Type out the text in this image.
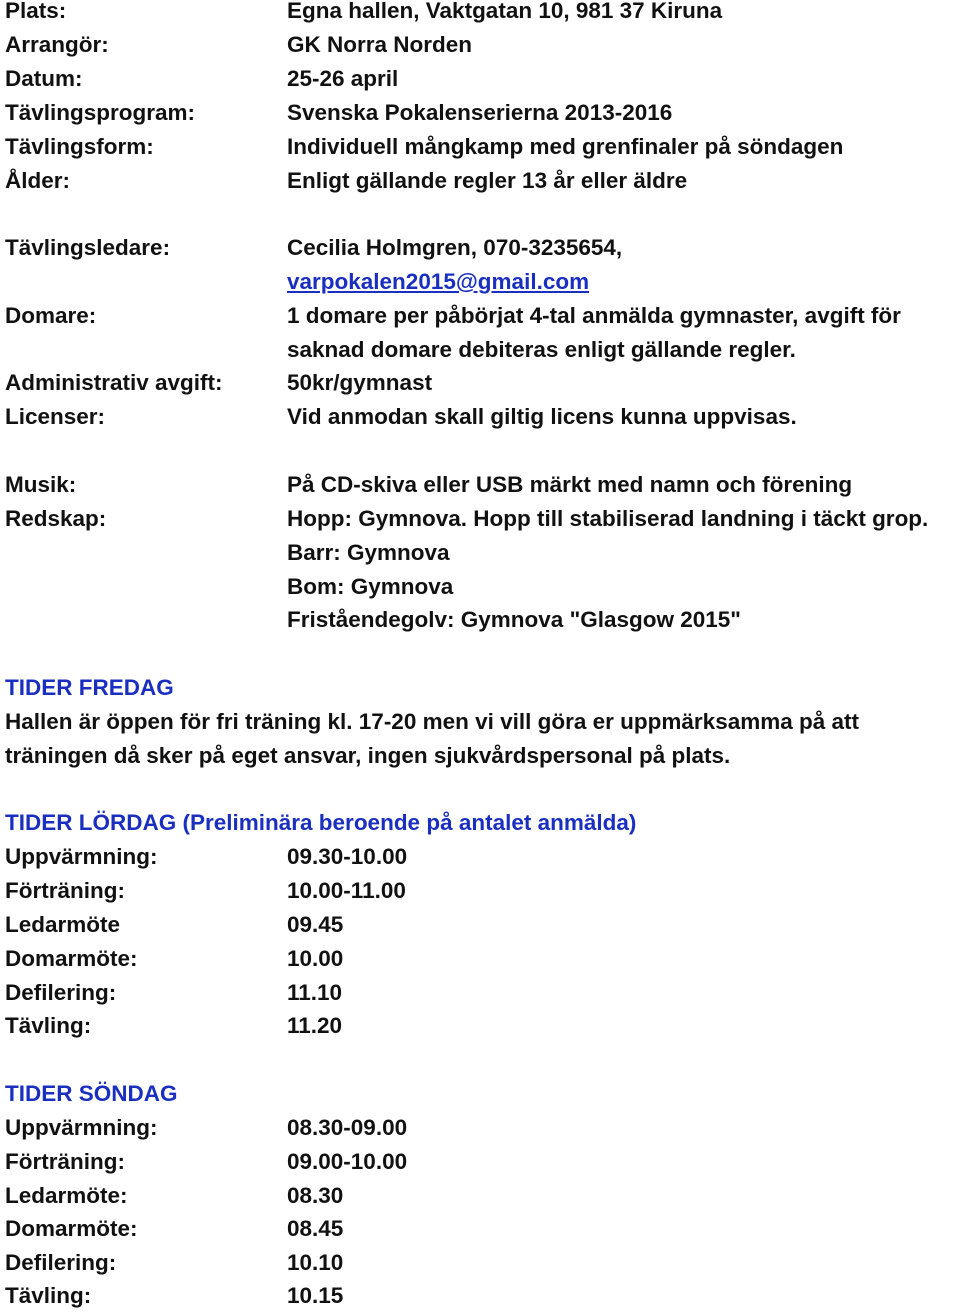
Plats:	Egna hallen, Vaktgatan 10, 981 37 Kiruna
Arrangör:	GK Norra Norden
Datum:	25-26 april
Tävlingsprogram:	Svenska Pokalenserierna 2013-2016
Tävlingsform:	Individuell mångkamp med grenfinaler på söndagen
Ålder:	Enligt gällande regler 13 år eller äldre
Tävlingsledare:	Cecilia Holmgren, 070-3235654,
varpokalen2015@gmail.com
Domare:	1 domare per påbörjat 4-tal anmälda gymnaster, avgift för
saknad domare debiteras enligt gällande regler.
Administrativ avgift:	50kr/gymnast
Licenser:	Vid anmodan skall giltig licens kunna uppvisas.
Musik:	På CD-skiva eller USB märkt med namn och förening
Redskap:	Hopp: Gymnova. Hopp till stabiliserad landning i täckt grop.
Barr: Gymnova
Bom: Gymnova
Friståendegolv: Gymnova "Glasgow 2015"
TIDER FREDAG
Hallen är öppen för fri träning kl. 17-20 men vi vill göra er uppmärksamma på att
träningen då sker på eget ansvar, ingen sjukvårdspersonal på plats.
TIDER LÖRDAG (Preliminära beroende på antalet anmälda)
Uppvärmning:	09.30-10.00
Förträning:	10.00-11.00
Ledarmöte	09.45
Domarmöte:	10.00
Defilering:	11.10
Tävling:	11.20
TIDER SÖNDAG
Uppvärmning:	08.30-09.00
Förträning:	09.00-10.00
Ledarmöte:	08.30
Domarmöte:	08.45
Defilering:	10.10
Tävling:	10.15
